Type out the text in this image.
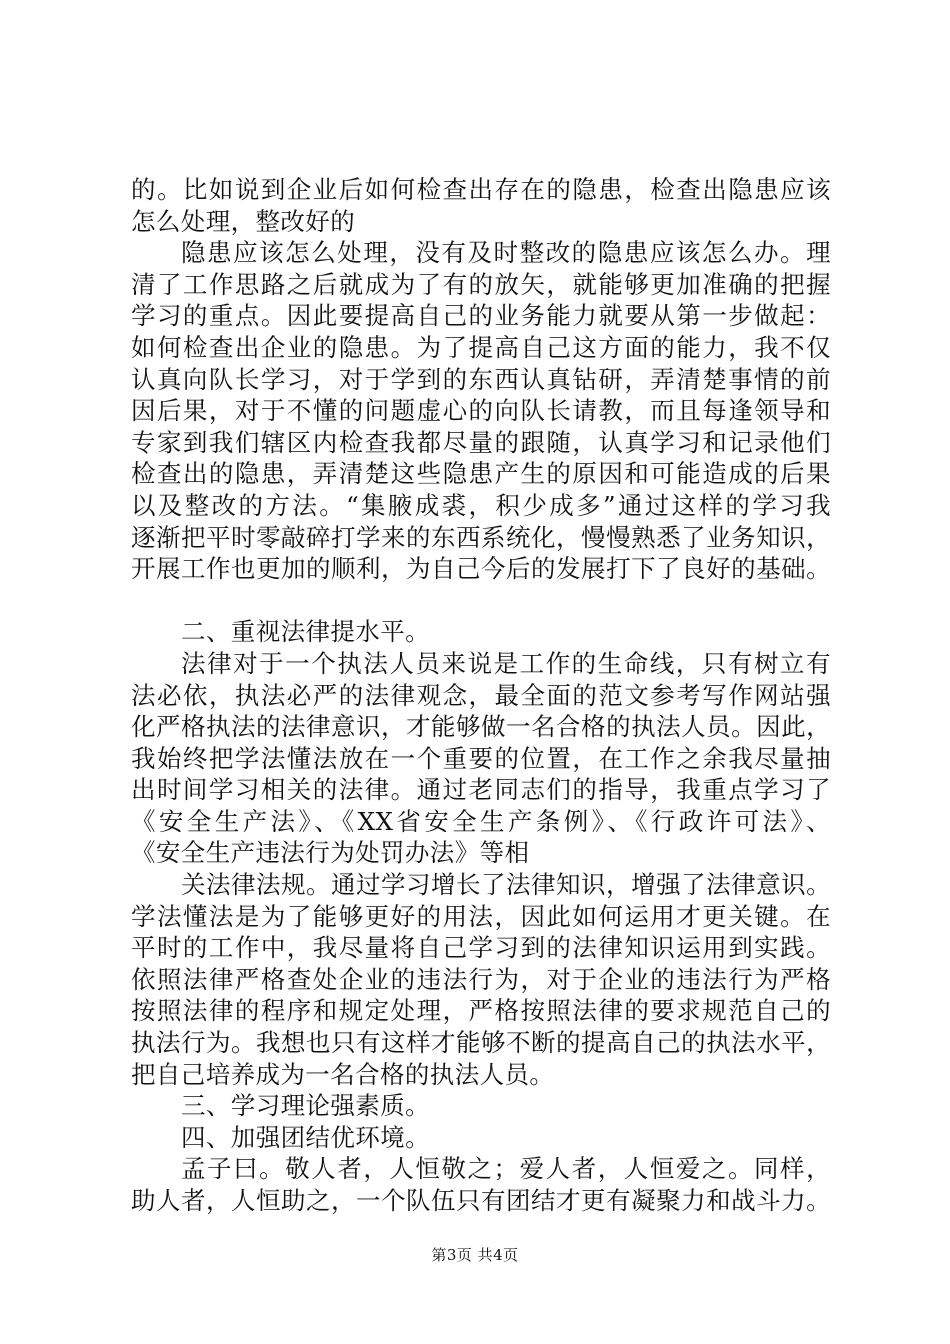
的。比如说到企业后如何检查出存在的隐患，检查出隐患应该
怎么处理，整改好的
隐患应该怎么处理，没有及时整改的隐患应该怎么办。理
清了工作思路之后就成为了有的放矢，就能够更加准确的把握
学习的重点。因此要提高自己的业务能力就要从第一步做起：
如何检查出企业的隐患。为了提高自己这方面的能力，我不仅
认真向队长学习，对于学到的东西认真钻研，弄清楚事情的前
因后果，对于不懂的问题虚心的向队长请教，而且每逢领导和
专家到我们辖区内检查我都尽量的跟随，认真学习和记录他们
检查出的隐患，弄清楚这些隐患产生的原因和可能造成的后果
以及整改的方法。“集腋成裘，积少成多”通过这样的学习我
逐渐把平时零敲碎打学来的东西系统化，慢慢熟悉了业务知识，
开展工作也更加的顺利，为自己今后的发展打下了良好的基础。
二、重视法律提水平。
法律对于一个执法人员来说是工作的生命线，只有树立有
法必依，执法必严的法律观念，最全面的范文参考写作网站强
化严格执法的法律意识，才能够做一名合格的执法人员。因此，
我始终把学法懂法放在一个重要的位置，在工作之余我尽量抽
出时间学习相关的法律。通过老同志们的指导，我重点学习了
《安全生产法》、《XX省安全生产条例》、《行政许可法》、
《安全生产违法行为处罚办法》等相
关法律法规。通过学习增长了法律知识，增强了法律意识。
学法懂法是为了能够更好的用法，因此如何运用才更关键。在
平时的工作中，我尽量将自己学习到的法律知识运用到实践。
依照法律严格查处企业的违法行为，对于企业的违法行为严格
按照法律的程序和规定处理，严格按照法律的要求规范自己的
执法行为。我想也只有这样才能够不断的提高自己的执法水平，
把自己培养成为一名合格的执法人员。
三、学习理论强素质。
四、加强团结优环境。
孟子曰。敬人者，人恒敬之；爱人者，人恒爱之。同样，
助人者，人恒助之，一个队伍只有团结才更有凝聚力和战斗力。
第3页 共4页
